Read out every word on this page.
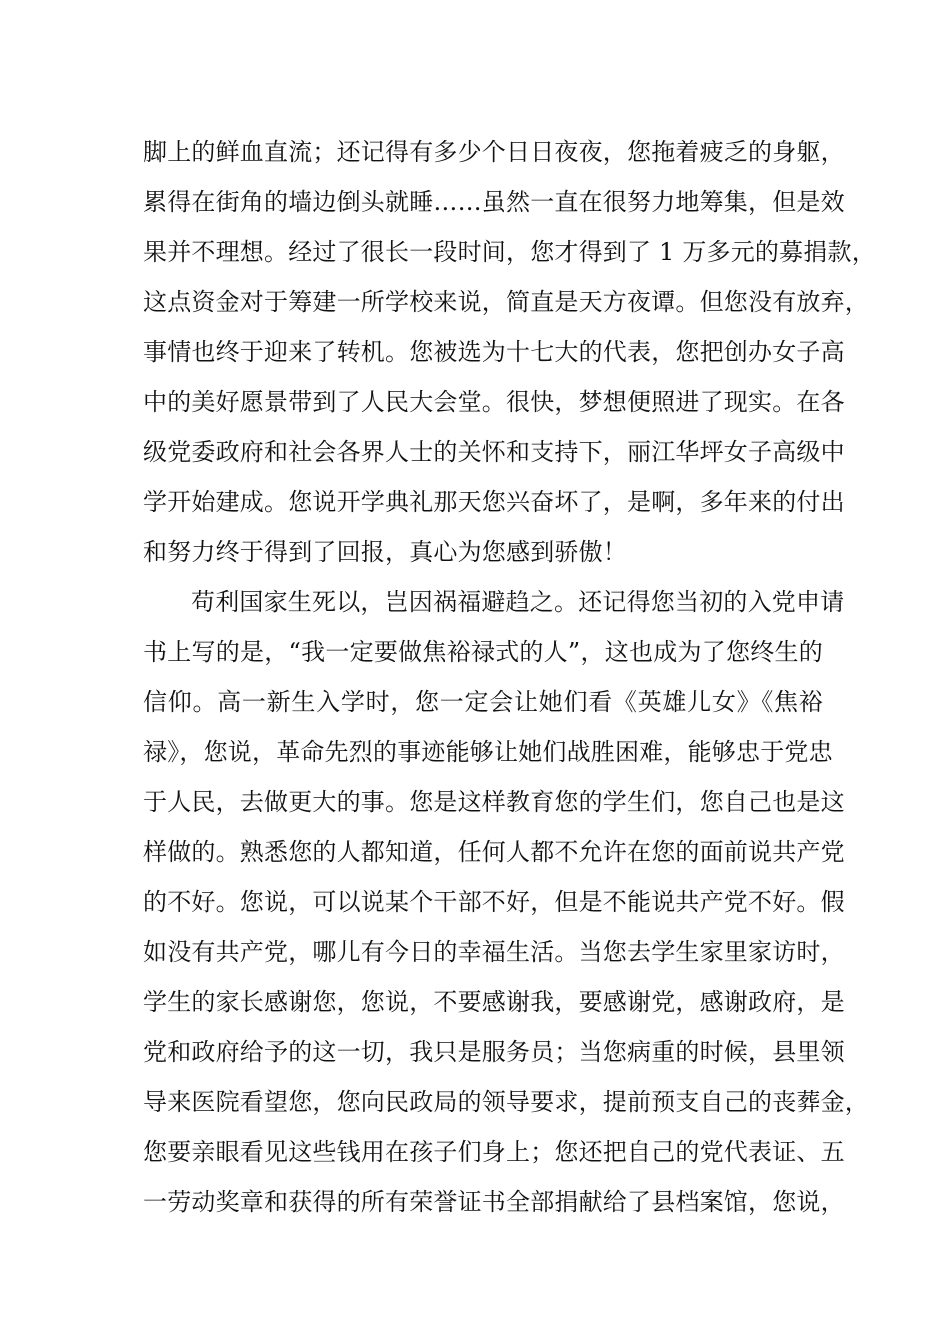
脚上的鲜血直流；还记得有多少个日日夜夜，您拖着疲乏的身躯，
累得在街角的墙边倒头就睡……虽然一直在很努力地筹集，但是效
果并不理想。经过了很长一段时间，您才得到了 1 万多元的募捐款，
这点资金对于筹建一所学校来说，简直是天方夜谭。但您没有放弃，
事情也终于迎来了转机。您被选为十七大的代表，您把创办女子高
中的美好愿景带到了人民大会堂。很快，梦想便照进了现实。在各
级党委政府和社会各界人士的关怀和支持下，丽江华坪女子高级中
学开始建成。您说开学典礼那天您兴奋坏了，是啊，多年来的付出
和努力终于得到了回报，真心为您感到骄傲！
苟利国家生死以，岂因祸福避趋之。还记得您当初的入党申请
书上写的是，“我一定要做焦裕禄式的人”，这也成为了您终生的
信仰。高一新生入学时，您一定会让她们看《英雄儿女》《焦裕
禄》，您说，革命先烈的事迹能够让她们战胜困难，能够忠于党忠
于人民，去做更大的事。您是这样教育您的学生们，您自己也是这
样做的。熟悉您的人都知道，任何人都不允许在您的面前说共产党
的不好。您说，可以说某个干部不好，但是不能说共产党不好。假
如没有共产党，哪儿有今日的幸福生活。当您去学生家里家访时，
学生的家长感谢您，您说，不要感谢我，要感谢党，感谢政府，是
党和政府给予的这一切，我只是服务员；当您病重的时候，县里领
导来医院看望您，您向民政局的领导要求，提前预支自己的丧葬金，
您要亲眼看见这些钱用在孩子们身上；您还把自己的党代表证、五
一劳动奖章和获得的所有荣誉证书全部捐献给了县档案馆，您说，
